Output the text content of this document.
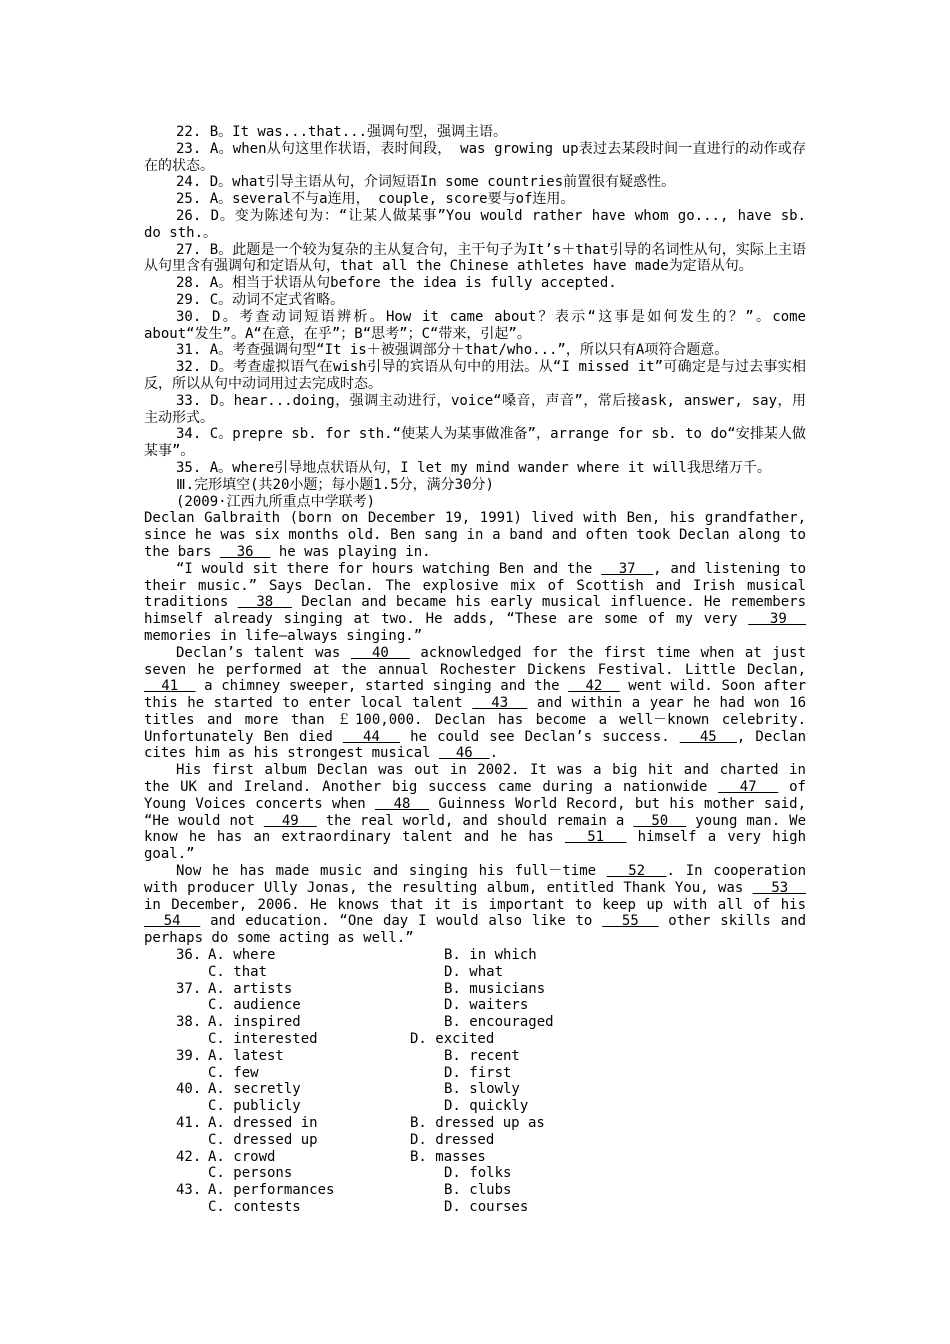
22. B。It was...that...强调句型，强调主语。

23. A。when从句这里作状语，表时间段， was growing up表过去某段时间一直进行的动作或存在的状态。

24. D。what引导主语从句，介词短语In some countries前置很有疑惑性。

25. A。several不与a连用， couple, score要与of连用。

26. D。变为陈述句为：“让某人做某事”You would rather have whom go..., have sb. do sth.。

27. B。此题是一个较为复杂的主从复合句，主干句子为It’s＋that引导的名词性从句，实际上主语从句里含有强调句和定语从句，that all the Chinese athletes have made为定语从句。

28. A。相当于状语从句before the idea is fully accepted.

29. C。动词不定式省略。

30. D。考查动词短语辨析。How it came about？表示“这事是如何发生的？”。come about“发生”。A“在意，在乎”；B“思考”；C“带来，引起”。

31. A。考查强调句型“It is＋被强调部分＋that/who...”，所以只有A项符合题意。

32. D。考查虚拟语气在wish引导的宾语从句中的用法。从“I missed it”可确定是与过去事实相反，所以从句中动词用过去完成时态。

33. D。hear...doing，强调主动进行，voice“嗓音，声音”，常后接ask, answer, say，用主动形式。

34. C。prepre sb. for sth.“使某人为某事做准备”，arrange for sb. to do“安排某人做某事”。

35. A。where引导地点状语从句，I let my mind wander where it will我思绪万千。

Ⅲ.完形填空(共20小题；每小题1.5分，满分30分)

(2009·江西九所重点中学联考)

Declan Galbraith (born on December 19, 1991) lived with Ben, his grandfather, since he was six months old. Ben sang in a band and often took Declan along to the bars   36   he was playing in.

“I would sit there for hours watching Ben and the   37  , and listening to their music.” Says Declan. The explosive mix of Scottish and Irish musical traditions   38   Declan and became his early musical influence. He remembers himself already singing at two. He adds, “These are some of my very   39   memories in life—always singing.”

Declan’s talent was   40   acknowledged for the first time when at just seven he performed at the annual Rochester Dickens Festival. Little Declan,   41   a chimney sweeper, started singing and the   42   went wild. Soon after this he started to enter local talent   43   and within a year he had won 16 titles and more than ￡100,000. Declan has become a well－known celebrity. Unfortunately Ben died   44   he could see Declan’s success.   45  , Declan cites him as his strongest musical   46  .

His first album Declan was out in 2002. It was a big hit and charted in the UK and Ireland. Another big success came during a nationwide   47   of Young Voices concerts when   48   Guinness World Record, but his mother said, “He would not   49   the real world, and should remain a   50   young man. We know he has an extraordinary talent and he has   51   himself a very high goal.”

Now he has made music and singing his full－time   52  . In cooperation with producer Ully Jonas, the resulting album, entitled Thank You, was   53   in December, 2006. He knows that it is important to keep up with all of his   54   and education. “One day I would also like to   55   other skills and perhaps do some acting as well.”

36. A. where	B. in which
C. that	D. what
37. A. artists	B. musicians
C. audience	D. waiters
38. A. inspired	B. encouraged
C. interested	D. excited
39. A. latest	B. recent
C. few	D. first
40. A. secretly	B. slowly
C. publicly	D. quickly
41. A. dressed in	B. dressed up as
C. dressed up	D. dressed
42. A. crowd	B. masses
C. persons	D. folks
43. A. performances	B. clubs
C. contests	D. courses
